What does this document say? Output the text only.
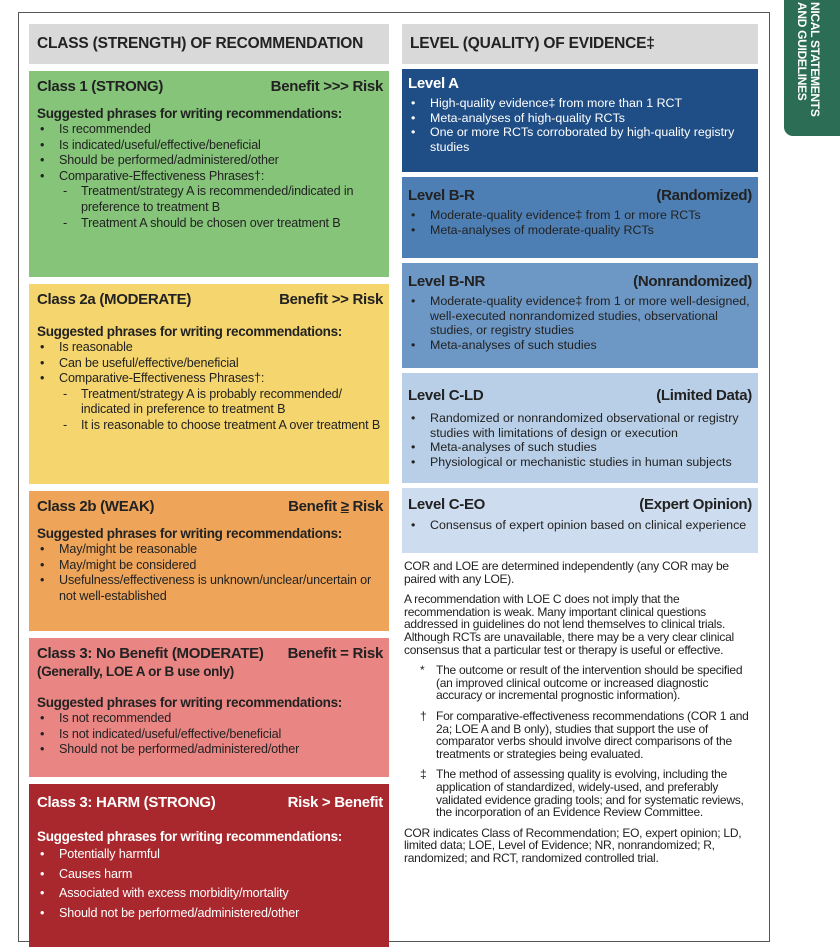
NICAL STATEMENTS
AND GUIDELINES
CLASS (STRENGTH) OF RECOMMENDATION
Class 1 (STRONG)	Benefit >>> Risk
Suggested phrases for writing recommendations:
• Is recommended
• Is indicated/useful/effective/beneficial
• Should be performed/administered/other
• Comparative-Effectiveness Phrases†:
- Treatment/strategy A is recommended/indicated in preference to treatment B
- Treatment A should be chosen over treatment B
Class 2a (MODERATE)	Benefit >> Risk
Suggested phrases for writing recommendations:
• Is reasonable
• Can be useful/effective/beneficial
• Comparative-Effectiveness Phrases†:
- Treatment/strategy A is probably recommended/ indicated in preference to treatment B
- It is reasonable to choose treatment A over treatment B
Class 2b (WEAK)	Benefit ≥ Risk
Suggested phrases for writing recommendations:
• May/might be reasonable
• May/might be considered
• Usefulness/effectiveness is unknown/unclear/uncertain or not well-established
Class 3: No Benefit (MODERATE) Benefit = Risk
(Generally, LOE A or B use only)
Suggested phrases for writing recommendations:
• Is not recommended
• Is not indicated/useful/effective/beneficial
• Should not be performed/administered/other
Class 3: HARM (STRONG)	Risk > Benefit
Suggested phrases for writing recommendations:
• Potentially harmful
• Causes harm
• Associated with excess morbidity/mortality
• Should not be performed/administered/other
LEVEL (QUALITY) OF EVIDENCE‡
Level A
• High-quality evidence‡ from more than 1 RCT
• Meta-analyses of high-quality RCTs
• One or more RCTs corroborated by high-quality registry studies
Level B-R	(Randomized)
• Moderate-quality evidence‡ from 1 or more RCTs
• Meta-analyses of moderate-quality RCTs
Level B-NR	(Nonrandomized)
• Moderate-quality evidence‡ from 1 or more well-designed, well-executed nonrandomized studies, observational studies, or registry studies
• Meta-analyses of such studies
Level C-LD	(Limited Data)
• Randomized or nonrandomized observational or registry studies with limitations of design or execution
• Meta-analyses of such studies
• Physiological or mechanistic studies in human subjects
Level C-EO	(Expert Opinion)
• Consensus of expert opinion based on clinical experience

COR and LOE are determined independently (any COR may be paired with any LOE).

A recommendation with LOE C does not imply that the recommendation is weak. Many important clinical questions addressed in guidelines do not lend themselves to clinical trials. Although RCTs are unavailable, there may be a very clear clinical consensus that a particular test or therapy is useful or effective.

* The outcome or result of the intervention should be specified (an improved clinical outcome or increased diagnostic accuracy or incremental prognostic information).
† For comparative-effectiveness recommendations (COR 1 and 2a; LOE A and B only), studies that support the use of comparator verbs should involve direct comparisons of the treatments or strategies being evaluated.
‡ The method of assessing quality is evolving, including the application of standardized, widely-used, and preferably validated evidence grading tools; and for systematic reviews, the incorporation of an Evidence Review Committee.

COR indicates Class of Recommendation; EO, expert opinion; LD, limited data; LOE, Level of Evidence; NR, nonrandomized; R, randomized; and RCT, randomized controlled trial.
